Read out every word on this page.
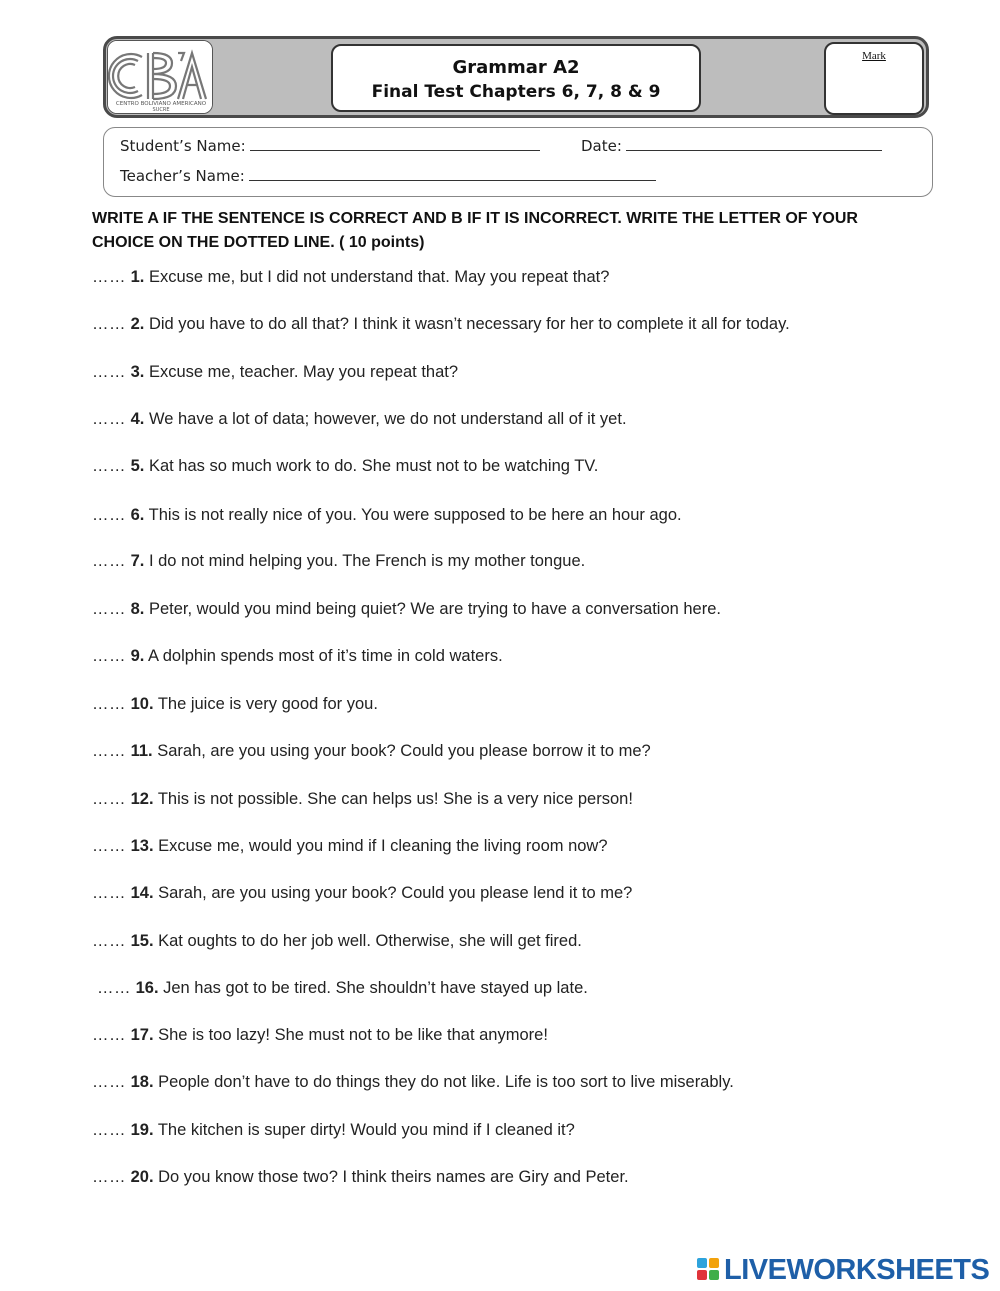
CENTRO BOLIVIANO AMERICANO
SUCRE
Grammar A2
Final Test Chapters 6, 7, 8 & 9
Mark
Student’s Name:	Date:
Teacher’s Name:
WRITE A IF THE SENTENCE IS CORRECT AND B IF IT IS INCORRECT. WRITE THE LETTER OF YOUR CHOICE ON THE DOTTED LINE. ( 10 points)
…… 1. Excuse me, but I did not understand that. May you repeat that?
…… 2. Did you have to do all that? I think it wasn’t necessary for her to complete it all for today.
…… 3. Excuse me, teacher. May you repeat that?
…… 4. We have a lot of data; however, we do not understand all of it yet.
…… 5. Kat has so much work to do. She must not to be watching TV.
…… 6. This is not really nice of you. You were supposed to be here an hour ago.
…… 7. I do not mind helping you. The French is my mother tongue.
…… 8. Peter, would you mind being quiet? We are trying to have a conversation here.
…… 9. A dolphin spends most of it’s time in cold waters.
…… 10. The juice is very good for you.
…… 11. Sarah, are you using your book? Could you please borrow it to me?
…… 12. This is not possible. She can helps us! She is a very nice person!
…… 13. Excuse me, would you mind if I cleaning the living room now?
…… 14. Sarah, are you using your book? Could you please lend it to me?
…… 15. Kat oughts to do her job well. Otherwise, she will get fired.
…… 16. Jen has got to be tired. She shouldn’t have stayed up late.
…… 17. She is too lazy! She must not to be like that anymore!
…… 18. People don’t have to do things they do not like. Life is too sort to live miserably.
…… 19. The kitchen is super dirty! Would you mind if I cleaned it?
…… 20. Do you know those two? I think theirs names are Giry and Peter.
LIVEWORKSHEETS
